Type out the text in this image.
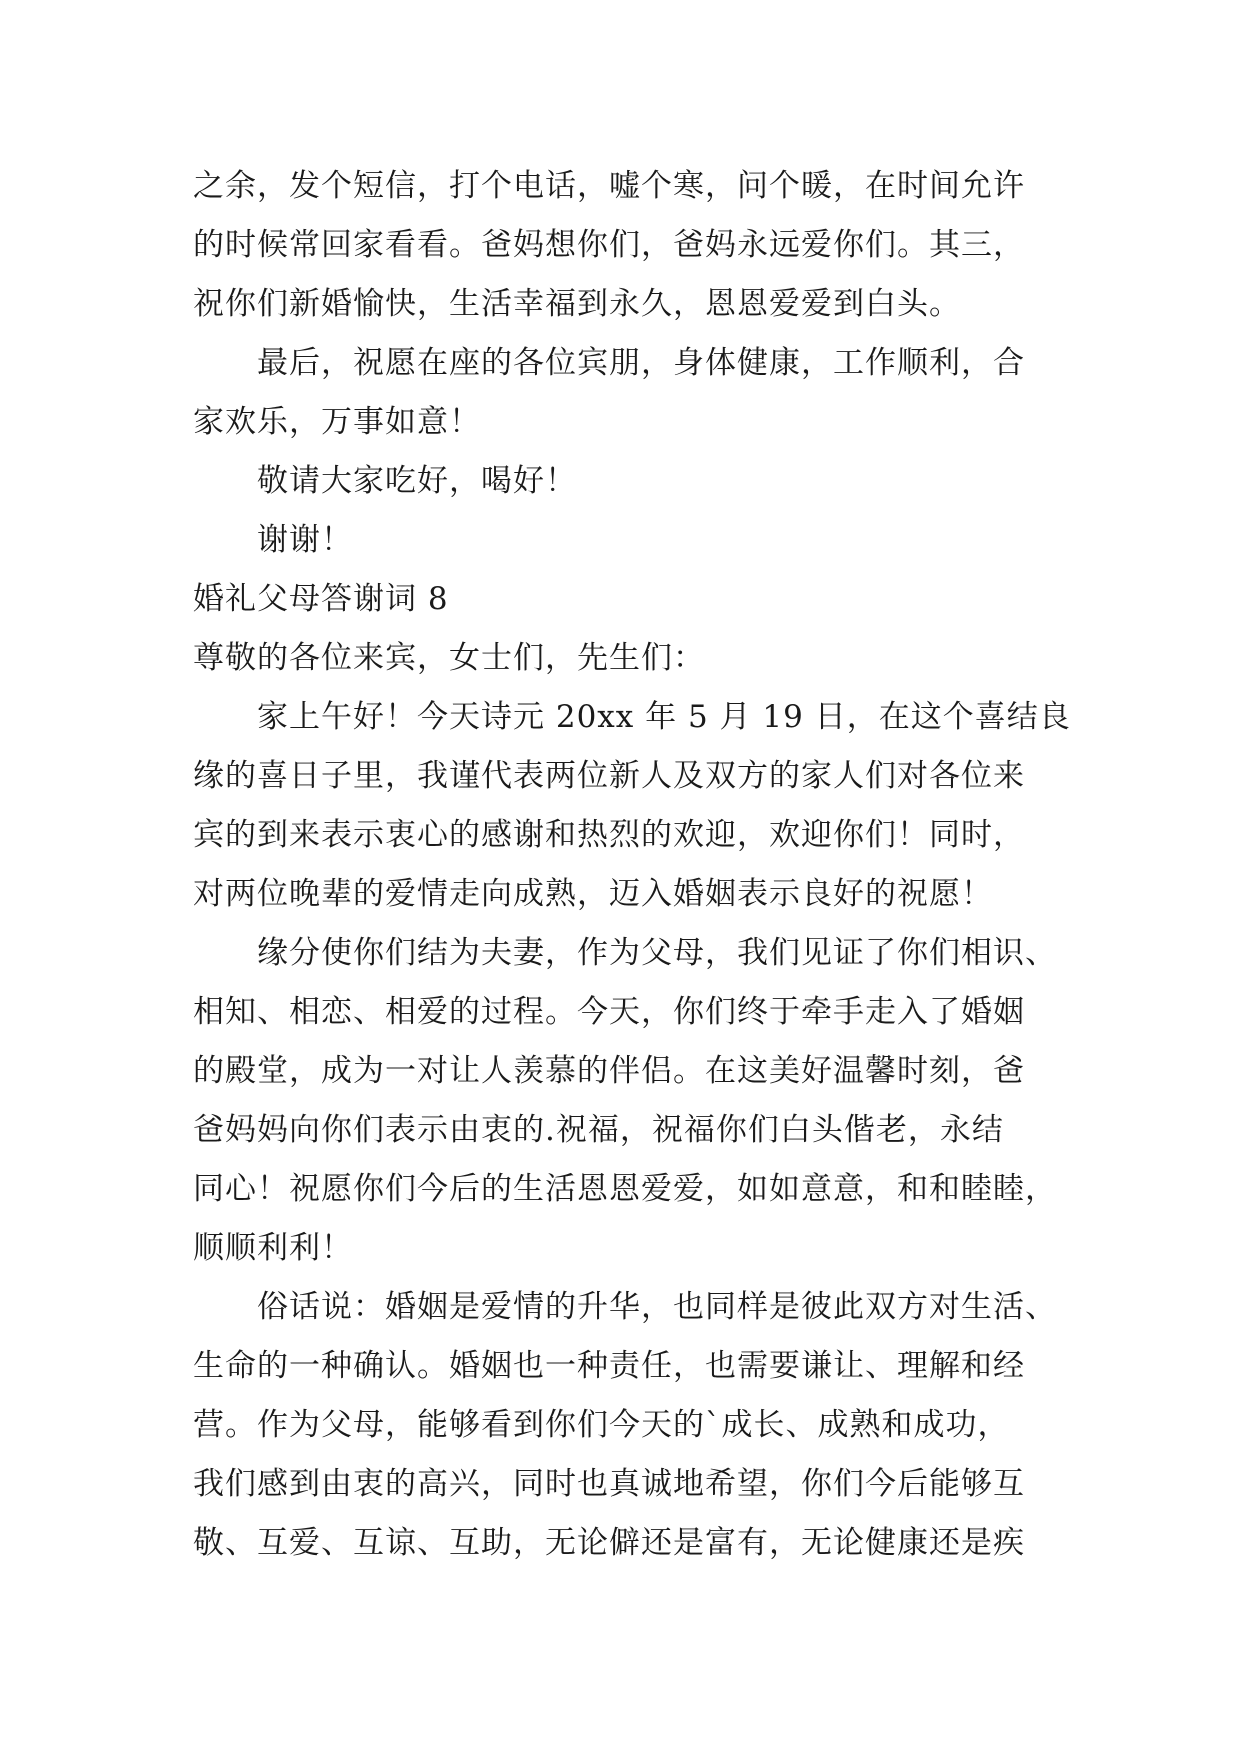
之余，发个短信，打个电话，嘘个寒，问个暖，在时间允许
的时候常回家看看。爸妈想你们，爸妈永远爱你们。其三，
祝你们新婚愉快，生活幸福到永久，恩恩爱爱到白头。
最后，祝愿在座的各位宾朋，身体健康，工作顺利，合
家欢乐，万事如意！
敬请大家吃好，喝好！
谢谢！
婚礼父母答谢词 8
尊敬的各位来宾，女士们，先生们：
家上午好！今天诗元 20xx 年 5 月 19 日，在这个喜结良
缘的喜日子里，我谨代表两位新人及双方的家人们对各位来
宾的到来表示衷心的感谢和热烈的欢迎，欢迎你们！同时，
对两位晚辈的爱情走向成熟，迈入婚姻表示良好的祝愿！
缘分使你们结为夫妻，作为父母，我们见证了你们相识、
相知、相恋、相爱的过程。今天，你们终于牵手走入了婚姻
的殿堂，成为一对让人羡慕的伴侣。在这美好温馨时刻，爸
爸妈妈向你们表示由衷的.祝福，祝福你们白头偕老，永结
同心！祝愿你们今后的生活恩恩爱爱，如如意意，和和睦睦，
顺顺利利！
俗话说：婚姻是爱情的升华，也同样是彼此双方对生活、
生命的一种确认。婚姻也一种责任，也需要谦让、理解和经
营。作为父母，能够看到你们今天的`成长、成熟和成功，
我们感到由衷的高兴，同时也真诚地希望，你们今后能够互
敬、互爱、互谅、互助，无论僻还是富有，无论健康还是疾
